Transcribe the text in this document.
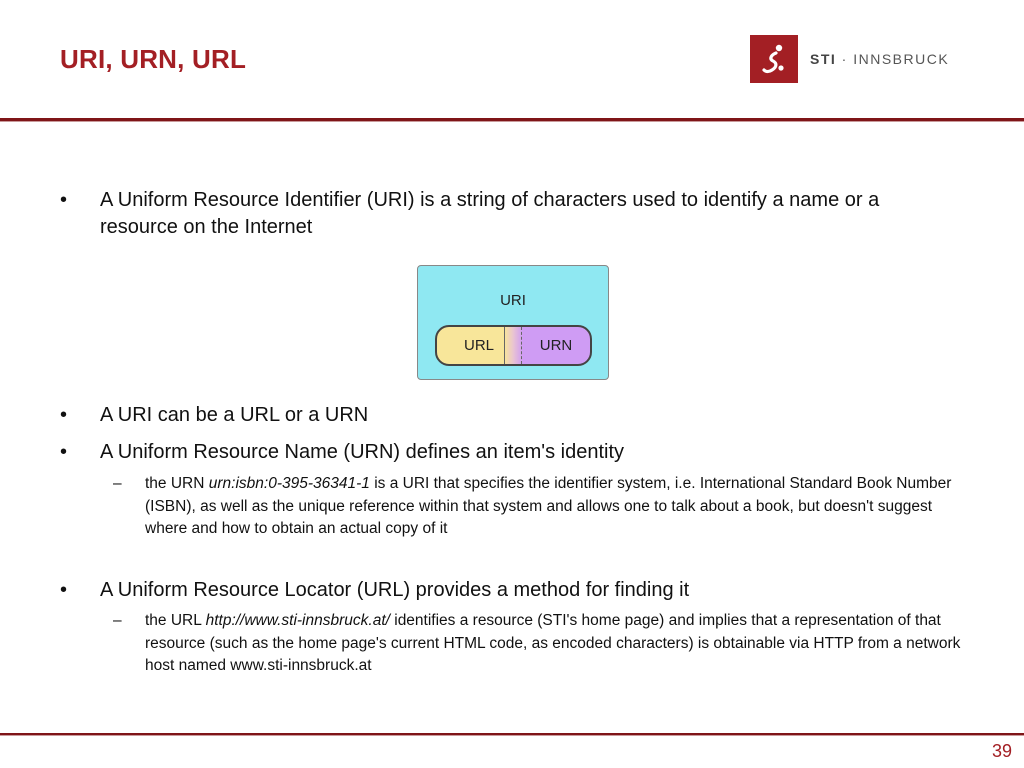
URI, URN, URL	STI · INNSBRUCK
•	A Uniform Resource Identifier (URI) is a string of characters used to identify a name or a resource on the Internet
URI
URL	URN
•	A URI can be a URL or a URN
•	A Uniform Resource Name (URN) defines an item's identity
– the URN urn:isbn:0-395-36341-1 is a URI that specifies the identifier system, i.e. International Standard Book Number (ISBN), as well as the unique reference within that system and allows one to talk about a book, but doesn't suggest where and how to obtain an actual copy of it
•	A Uniform Resource Locator (URL) provides a method for finding it
– the URL http://www.sti-innsbruck.at/ identifies a resource (STI's home page) and implies that a representation of that resource (such as the home page's current HTML code, as encoded characters) is obtainable via HTTP from a network host named www.sti-innsbruck.at
39
